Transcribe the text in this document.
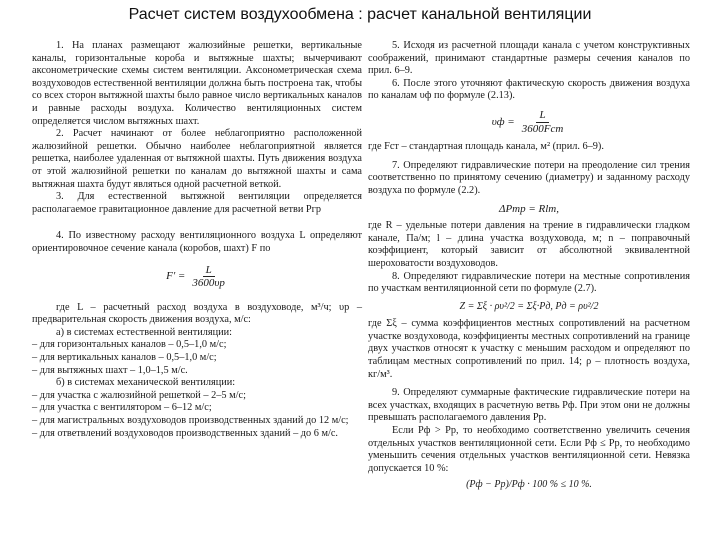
Расчет систем воздухообмена : расчет канальной вентиляции

1. На планах размещают жалюзийные решетки, вертикальные каналы, горизонтальные короба и вытяжные шахты; вычерчивают аксонометрические схемы систем вентиляции. Аксонометрическая схема воздуховодов естественной вентиляции должна быть построена так, чтобы со всех сторон вытяжной шахты было равное число вертикальных каналов и равные расходы воздуха. Количество вентиляционных систем определяется числом вытяжных шахт.

2. Расчет начинают от более неблагоприятно расположенной жалюзийной решетки. Обычно наиболее неблагоприятной является решетка, наиболее удаленная от вытяжной шахты. Путь движения воздуха от этой жалюзийной решетки по каналам до вытяжной шахты и сама вытяжная шахта будут являться одной расчетной веткой.

3. Для естественной вытяжной вентиляции определяется располагаемое гравитационное давление для расчетной ветви Pгр

4. По известному расходу вентиляционного воздуха L определяют ориентировочное сечение канала (коробов, шахт) F по

$F' = \frac{L}{3600\upsilon р}$

где L – расчетный расход воздуха в воздуховоде, м³/ч; υр – предварительная скорость движения воздуха, м/с:

а) в системах естественной вентиляции:

– для горизонтальных каналов – 0,5–1,0 м/с;

– для вертикальных каналов – 0,5–1,0 м/с;

– для вытяжных шахт – 1,0–1,5 м/с.

б) в системах механической вентиляции:

– для участка с жалюзийной решеткой – 2–5 м/с;

– для участка с вентилятором – 6–12 м/с;

– для магистральных воздуховодов производственных зданий до 12 м/с;

– для ответвлений воздуховодов производственных зданий – до 6 м/с.

5. Исходя из расчетной площади канала с учетом конструктивных соображений, принимают стандартные размеры сечения каналов по прил. 6–9.

6. После этого уточняют фактическую скорость движения воздуха по каналам υф по формуле (2.13).

$\upsilon ф = \frac{L}{\text{3600Fст}}$

где Fст – стандартная площадь канала, м² (прил. 6–9).

7. Определяют гидравлические потери на преодоление сил трения соответственно по принятому сечению (диаметру) и заданному расходу воздуха по формуле (2.2).

ΔPтр = Rlm,

где R – удельные потери давления на трение в гидравлически гладком канале, Па/м; l – длина участка воздуховода, м; n – поправочный коэффициент, который зависит от абсолютной эквивалентной шероховатости воздуховодов.

8. Определяют гидравлические потери на местные сопротивления по участкам вентиляционной сети по формуле (2.7).

Z = Σξ · ρυ²/2 = Σξ·Pд, Pд = ρυ²/2

где Σξ – сумма коэффициентов местных сопротивлений на расчетном участке воздуховода, коэффициенты местных сопротивлений на границе двух участков относят к участку с меньшим расходом и определяют по таблицам местных сопротивлений по прил. 14; ρ – плотность воздуха, кг/м³.

9. Определяют суммарные фактические гидравлические потери на всех участках, входящих в расчетную ветвь Pф. При этом они не должны превышать располагаемого давления Pр.

Если Pф > Pр, то необходимо соответственно увеличить сечения отдельных участков вентиляционной сети. Если Pф ≤ Pр, то необходимо уменьшить сечения отдельных участков вентиляционной сети. Невязка допускается 10 %:

(Pф − Pр)/Pф · 100 % ≤ 10 %.
